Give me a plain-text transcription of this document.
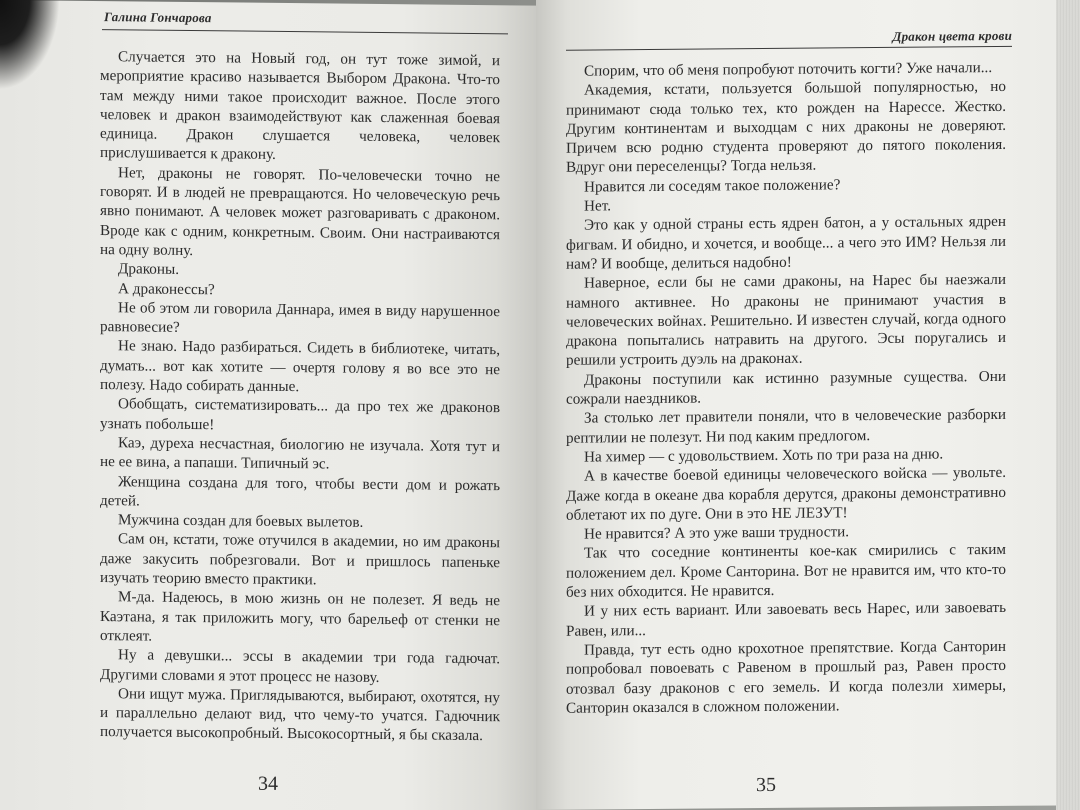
Галина Гончарова

Случается это на Новый год, он тут тоже зимой, и мероприятие красиво называется Выбором Дракона. Что-то там между ними такое происходит важное. После этого человек и дракон взаимодействуют как слаженная боевая единица. Дракон слушается человека, человек прислушивается к дракону.

Нет, драконы не говорят. По-человечески точно не говорят. И в людей не превращаются. Но человеческую речь явно понимают. А человек может разговаривать с драконом. Вроде как с одним, конкретным. Своим. Они настраиваются на одну волну.

Драконы.

А драконессы?

Не об этом ли говорила Даннара, имея в виду нарушенное равновесие?

Не знаю. Надо разбираться. Сидеть в библиотеке, читать, думать... вот как хотите — очертя голову я во все это не полезу. Надо собирать данные.

Обобщать, систематизировать... да про тех же драконов узнать побольше!

Каэ, дуреха несчастная, биологию не изучала. Хотя тут и не ее вина, а папаши. Типичный эс.

Женщина создана для того, чтобы вести дом и рожать детей.

Мужчина создан для боевых вылетов.

Сам он, кстати, тоже отучился в академии, но им драконы даже закусить побрезговали. Вот и пришлось папеньке изучать теорию вместо практики.

М-да. Надеюсь, в мою жизнь он не полезет. Я ведь не Каэтана, я так приложить могу, что барельеф от стенки не отклеят.

Ну а девушки... эссы в академии три года гадючат. Другими словами я этот процесс не назову.

Они ищут мужа. Приглядываются, выбирают, охотятся, ну и параллельно делают вид, что чему-то учатся. Гадючник получается высокопробный. Высокосортный, я бы сказала.

34
Дракон цвета крови

Спорим, что об меня попробуют поточить когти? Уже начали...

Академия, кстати, пользуется большой популярностью, но принимают сюда только тех, кто рожден на Нарессе. Жестко. Другим континентам и выходцам с них драконы не доверяют. Причем всю родню студента проверяют до пятого поколения. Вдруг они переселенцы? Тогда нельзя.

Нравится ли соседям такое положение?

Нет.

Это как у одной страны есть ядрен батон, а у остальных ядрен фигвам. И обидно, и хочется, и вообще... а чего это ИМ? Нельзя ли нам? И вообще, делиться надобно!

Наверное, если бы не сами драконы, на Нарес бы наезжали намного активнее. Но драконы не принимают участия в человеческих войнах. Решительно. И известен случай, когда одного дракона попытались натравить на другого. Эсы поругались и решили устроить дуэль на драконах.

Драконы поступили как истинно разумные существа. Они сожрали наездников.

За столько лет правители поняли, что в человеческие разборки рептилии не полезут. Ни под каким предлогом.

На химер — с удовольствием. Хоть по три раза на дню.

А в качестве боевой единицы человеческого войска — увольте. Даже когда в океане два корабля дерутся, драконы демонстративно облетают их по дуге. Они в это НЕ ЛЕЗУТ!

Не нравится? А это уже ваши трудности.

Так что соседние континенты кое-как смирились с таким положением дел. Кроме Санторина. Вот не нравится им, что кто-то без них обходится. Не нравится.

И у них есть вариант. Или завоевать весь Нарес, или завоевать Равен, или...

Правда, тут есть одно крохотное препятствие. Когда Санторин попробовал повоевать с Равеном в прошлый раз, Равен просто отозвал базу драконов с его земель. И когда полезли химеры, Санторин оказался в сложном положении.

35
